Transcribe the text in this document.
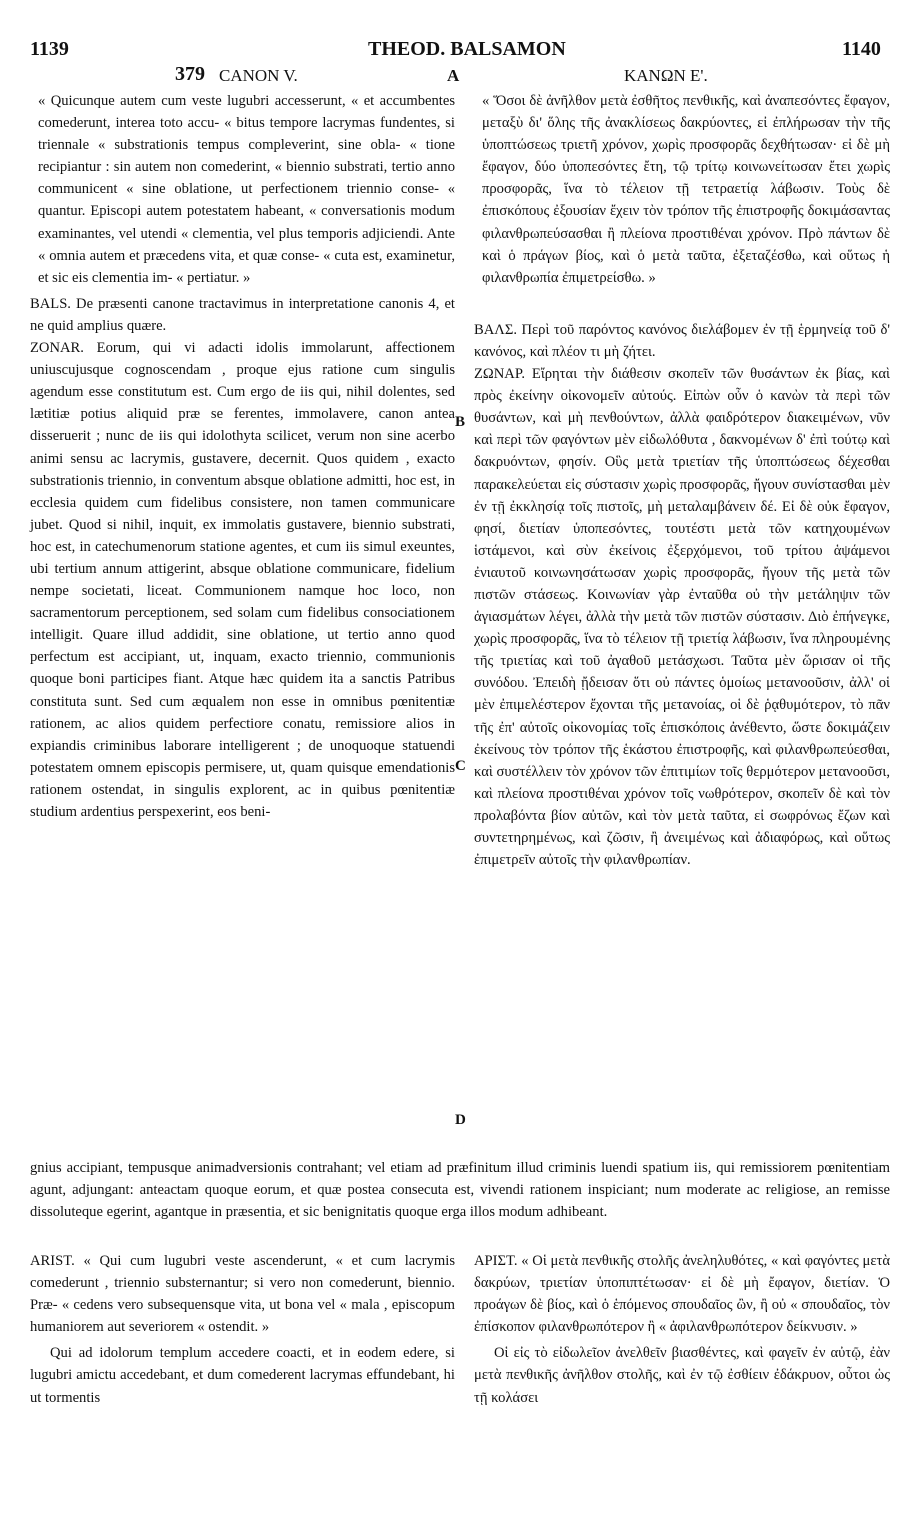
1139	THEOD. BALSAMON	1140
379 CANON V.	A	ΚΑΝΩΝ Ε'.

« Quicunque autem cum veste lugubri accesserunt, « et accumbentes comederunt, interea toto accu- « bitus tempore lacrymas fundentes, si triennale « substrationis tempus compleverint, sine obla- « tione recipiantur : sin autem non comederint, « biennio substrati, tertio anno communicent « sine oblatione, ut perfectionem triennio conse- « quantur. Episcopi autem potestatem habeant, « conversationis modum examinantes, vel utendi « clementia, vel plus temporis adjiciendi. Ante « omnia autem et præcedens vita, et quæ conse- « cuta est, examinetur, et sic eis clementia im- « pertiatur. »

BALS. De præsenti canone tractavimus in interpretatione canonis 4, et ne quid amplius quære.

ZONAR. Eorum, qui vi adacti idolis immolarunt, affectionem uniuscujusque cognoscendam , proque ejus ratione cum singulis agendum esse constitutum est. Cum ergo de iis qui, nihil dolentes, sed lætitiæ potius aliquid præ se ferentes, immolavere, canon antea disseruerit ; nunc de iis qui idolothyta scilicet, verum non sine acerbo animi sensu ac lacrymis, gustavere, decernit. Quos quidem , exacto substrationis triennio, in conventum absque oblatione admitti, hoc est, in ecclesia quidem cum fidelibus consistere, non tamen communicare jubet. Quod si nihil, inquit, ex immolatis gustavere, biennio substrati, hoc est, in catechumenorum statione agentes, et cum iis simul exeuntes, ubi tertium annum attigerint, absque oblatione communicare, fidelium nempe societati, liceat. Communionem namque hoc loco, non sacramentorum perceptionem, sed solam cum fidelibus consociationem intelligit. Quare illud addidit, sine oblatione, ut tertio anno quod perfectum est accipiant, ut, inquam, exacto triennio, communionis quoque boni participes fiant. Atque hæc quidem ita a sanctis Patribus constituta sunt. Sed cum æqualem non esse in omnibus pœnitentiæ rationem, ac alios quidem perfectiore conatu, remissiore alios in expiandis criminibus laborare intelligerent ; de unoquoque statuendi potestatem omnem episcopis permisere, ut, quam quisque emendationis rationem ostendat, in singulis explorent, ac in quibus pœnitentiæ studium ardentius perspexerint, eos beni-

« Ὅσοι δὲ ἀνῆλθον μετὰ ἐσθῆτος πενθικῆς, καὶ ἀναπεσόντες ἔφαγον, μεταξὺ δι' ὅλης τῆς ἀνακλίσεως δακρύοντες, εἰ ἐπλήρωσαν τὴν τῆς ὑποπτώσεως τριετῆ χρόνον, χωρὶς προσφορᾶς δεχθήτωσαν· εἰ δὲ μὴ ἔφαγον, δύο ὑποπεσόντες ἔτη, τῷ τρίτῳ κοινωνείτωσαν ἔτει χωρὶς προσφορᾶς, ἵνα τὸ τέλειον τῇ τετραετίᾳ λάβωσιν. Τοὺς δὲ ἐπισκόπους ἐξουσίαν ἔχειν τὸν τρόπον τῆς ἐπιστροφῆς δοκιμάσαντας φιλανθρωπεύσασθαι ἢ πλείονα προστιθέναι χρόνον. Πρὸ πάντων δὲ καὶ ὁ πράγων βίος, καὶ ὁ μετὰ ταῦτα, ἐξεταζέσθω, καὶ οὕτως ἡ φιλανθρωπία ἐπιμετρείσθω. »

ΒΑΛΣ. Περὶ τοῦ παρόντος κανόνος διελάβομεν ἐν τῇ ἑρμηνείᾳ τοῦ δ' κανόνος, καὶ πλέον τι μὴ ζήτει.

ΖΩΝΑΡ. Εἴρηται τὴν διάθεσιν σκοπεῖν τῶν θυσάντων ἐκ βίας, καὶ πρὸς ἐκείνην οἰκονομεῖν αὐτούς. Εἰπὼν οὖν ὁ κανὼν τὰ περὶ τῶν θυσάντων, καὶ μὴ πενθούντων, ἀλλὰ φαιδρότερον διακειμένων, νῦν καὶ περὶ τῶν φαγόντων μὲν εἰδωλόθυτα , δακνομένων δ' ἐπὶ τούτῳ καὶ δακρυόντων, φησίν. Οὓς μετὰ τριετίαν τῆς ὑποπτώσεως δέχεσθαι παρακελεύεται εἰς σύστασιν χωρὶς προσφορᾶς, ἤγουν συνίστασθαι μὲν ἐν τῇ ἐκκλησίᾳ τοῖς πιστοῖς, μὴ μεταλαμβάνειν δέ. Εἰ δὲ οὐκ ἔφαγον, φησί, διετίαν ὑποπεσόντες, τουτέστι μετὰ τῶν κατηχουμένων ἱστάμενοι, καὶ σὺν ἐκείνοις ἐξερχόμενοι, τοῦ τρίτου ἁψάμενοι ἐνιαυτοῦ κοινωνησάτωσαν χωρὶς προσφορᾶς, ἤγουν τῆς μετὰ τῶν πιστῶν στάσεως. Κοινωνίαν γὰρ ἐνταῦθα οὐ τὴν μετάληψιν τῶν ἁγιασμάτων λέγει, ἀλλὰ τὴν μετὰ τῶν πιστῶν σύστασιν. Διὸ ἐπήνεγκε, χωρὶς προσφορᾶς, ἵνα τὸ τέλειον τῇ τριετίᾳ λάβωσιν, ἵνα πληρουμένης τῆς τριετίας καὶ τοῦ ἀγαθοῦ μετάσχωσι. Ταῦτα μὲν ὥρισαν οἱ τῆς συνόδου. Ἐπειδὴ ᾔδεισαν ὅτι οὐ πάντες ὁμοίως μετανοοῦσιν, ἀλλ' οἱ μὲν ἐπιμελέστερον ἔχονται τῆς μετανοίας, οἱ δὲ ῥᾳθυμότερον, τὸ πᾶν τῆς ἐπ' αὐτοῖς οἰκονομίας τοῖς ἐπισκόποις ἀνέθεντο, ὥστε δοκιμάζειν ἐκείνους τὸν τρόπον τῆς ἑκάστου ἐπιστροφῆς, καὶ φιλανθρωπεύεσθαι, καὶ συστέλλειν τὸν χρόνον τῶν ἐπιτιμίων τοῖς θερμότερον μετανοοῦσι, καὶ πλείονα προστιθέναι χρόνον τοῖς νωθρότερον, σκοπεῖν δὲ καὶ τὸν προλαβόντα βίον αὐτῶν, καὶ τὸν μετὰ ταῦτα, εἰ σωφρόνως ἔζων καὶ συντετηρημένως, καὶ ζῶσιν, ἢ ἀνειμένως καὶ ἀδιαφόρως, καὶ οὕτως ἐπιμετρεῖν αὐτοῖς τὴν φιλανθρωπίαν.

B
C
D

gnius accipiant, tempusque animadversionis contrahant; vel etiam ad præfinitum illud criminis luendi spatium iis, qui remissiorem pœnitentiam agunt, adjungant: anteactam quoque eorum, et quæ postea consecuta est, vivendi rationem inspiciant; num moderate ac religiose, an remisse dissoluteque egerint, agantque in præsentia, et sic benignitatis quoque erga illos modum adhibeant.

ARIST. « Qui cum lugubri veste ascenderunt, « et cum lacrymis comederunt , triennio substernantur; si vero non comederunt, biennio. Præ- « cedens vero subsequensque vita, ut bona vel « mala , episcopum humaniorem aut severiorem « ostendit. »

Qui ad idolorum templum accedere coacti, et in eodem edere, si lugubri amictu accedebant, et dum comederent lacrymas effundebant, hi ut tormentis

ΑΡΙΣΤ. « Οἱ μετὰ πενθικῆς στολῆς ἀνεληλυθότες, « καὶ φαγόντες μετὰ δακρύων, τριετίαν ὑποπιπτέτωσαν· εἰ δὲ μὴ ἔφαγον, διετίαν. Ὁ προάγων δὲ βίος, καὶ ὁ ἑπόμενος σπουδαῖος ὢν, ἢ οὐ « σπουδαῖος, τὸν ἐπίσκοπον φιλανθρωπότερον ἢ « ἀφιλανθρωπότερον δείκνυσιν. »

Οἱ εἰς τὸ εἰδωλεῖον ἀνελθεῖν βιασθέντες, καὶ φαγεῖν ἐν αὐτῷ, ἐὰν μετὰ πενθικῆς ἀνῆλθον στολῆς, καὶ ἐν τῷ ἐσθίειν ἐδάκρυον, οὗτοι ὡς τῇ κολάσει
